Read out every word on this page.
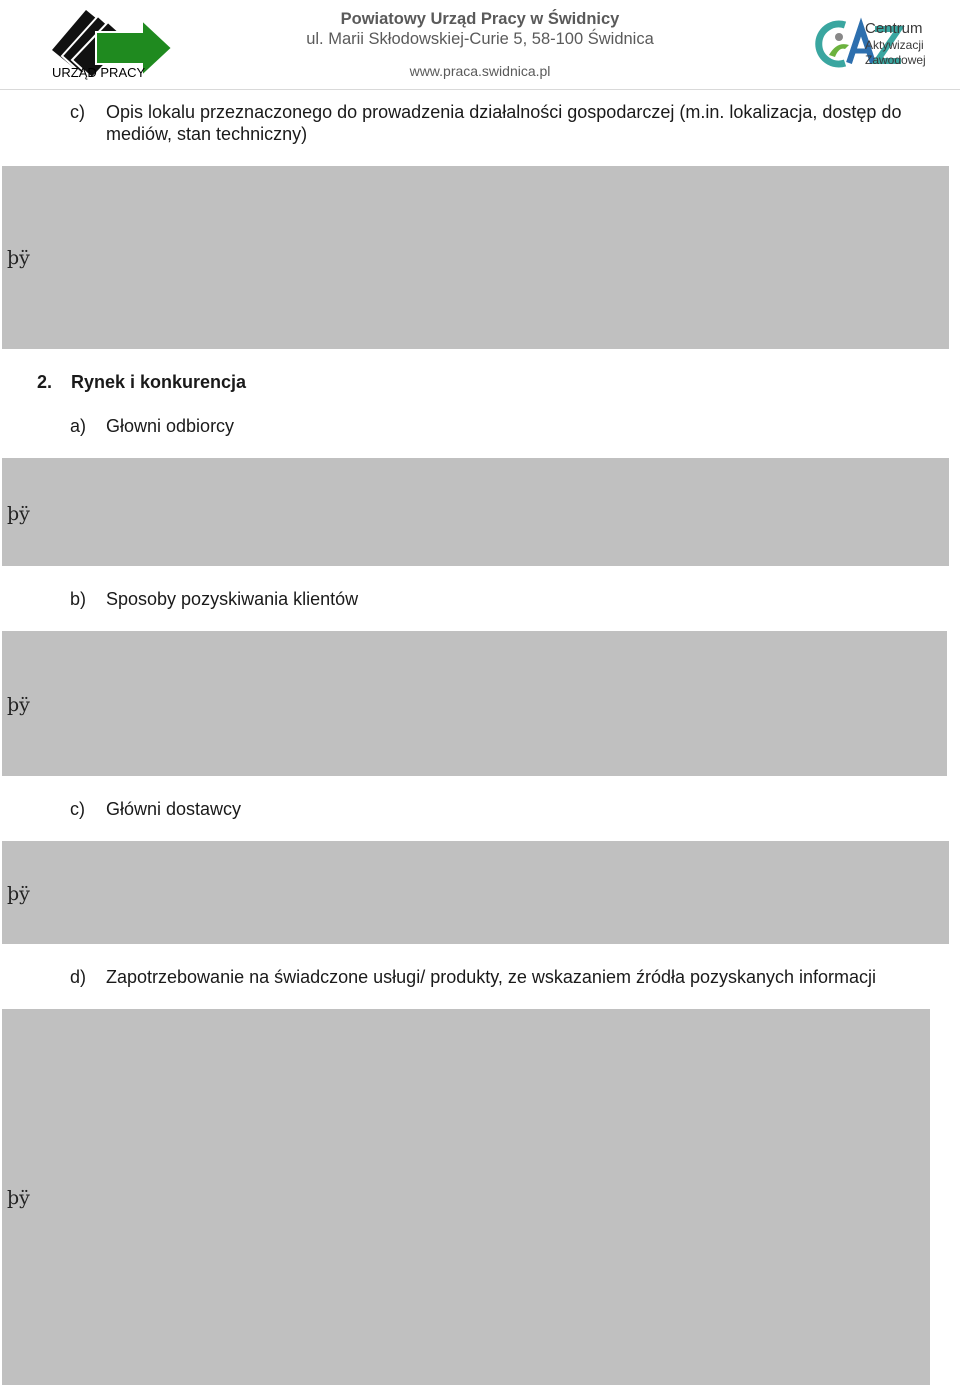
URZĄD PRACY
Powiatowy Urząd Pracy w Świdnicy
ul. Marii Skłodowskiej-Curie 5, 58-100 Świdnica
www.praca.swidnica.pl
Centrum
Aktywizacji
Zawodowej
c) Opis lokalu przeznaczonego do prowadzenia działalności gospodarczej (m.in. lokalizacja, dostęp do
mediów, stan techniczny)
þÿ
2. Rynek i konkurencja
a) Głowni odbiorcy
þÿ
b) Sposoby pozyskiwania klientów
þÿ
c) Główni dostawcy
þÿ
d) Zapotrzebowanie na świadczone usługi/ produkty, ze wskazaniem źródła pozyskanych informacji
þÿ
